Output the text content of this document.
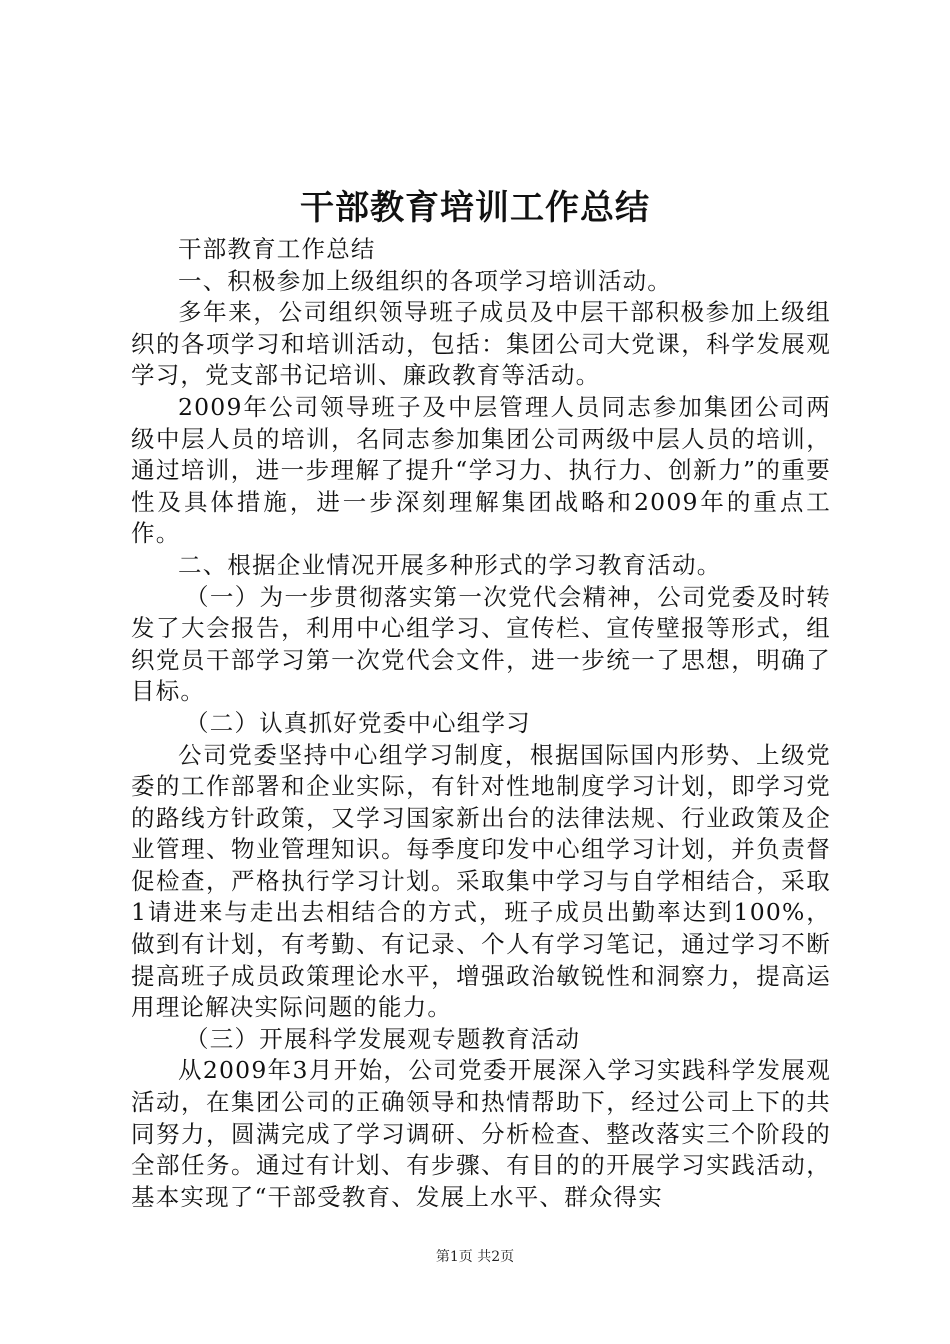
干部教育培训工作总结

干部教育工作总结

一、积极参加上级组织的各项学习培训活动。

多年来，公司组织领导班子成员及中层干部积极参加上级组织的各项学习和培训活动，包括：集团公司大党课，科学发展观学习，党支部书记培训、廉政教育等活动。

2009年公司领导班子及中层管理人员同志参加集团公司两级中层人员的培训，名同志参加集团公司两级中层人员的培训，通过培训，进一步理解了提升“学习力、执行力、创新力”的重要性及具体措施，进一步深刻理解集团战略和2009年的重点工作。

二、根据企业情况开展多种形式的学习教育活动。

（一）为一步贯彻落实第一次党代会精神，公司党委及时转发了大会报告，利用中心组学习、宣传栏、宣传壁报等形式，组织党员干部学习第一次党代会文件，进一步统一了思想，明确了目标。

（二）认真抓好党委中心组学习

公司党委坚持中心组学习制度，根据国际国内形势、上级党委的工作部署和企业实际，有针对性地制度学习计划，即学习党的路线方针政策，又学习国家新出台的法律法规、行业政策及企业管理、物业管理知识。每季度印发中心组学习计划，并负责督促检查，严格执行学习计划。采取集中学习与自学相结合，采取1请进来与走出去相结合的方式，班子成员出勤率达到100%，做到有计划，有考勤、有记录、个人有学习笔记，通过学习不断提高班子成员政策理论水平，增强政治敏锐性和洞察力，提高运用理论解决实际问题的能力。

（三）开展科学发展观专题教育活动

从2009年3月开始，公司党委开展深入学习实践科学发展观活动，在集团公司的正确领导和热情帮助下，经过公司上下的共同努力，圆满完成了学习调研、分析检查、整改落实三个阶段的全部任务。通过有计划、有步骤、有目的的开展学习实践活动，基本实现了“干部受教育、发展上水平、群众得实

第1页 共2页
